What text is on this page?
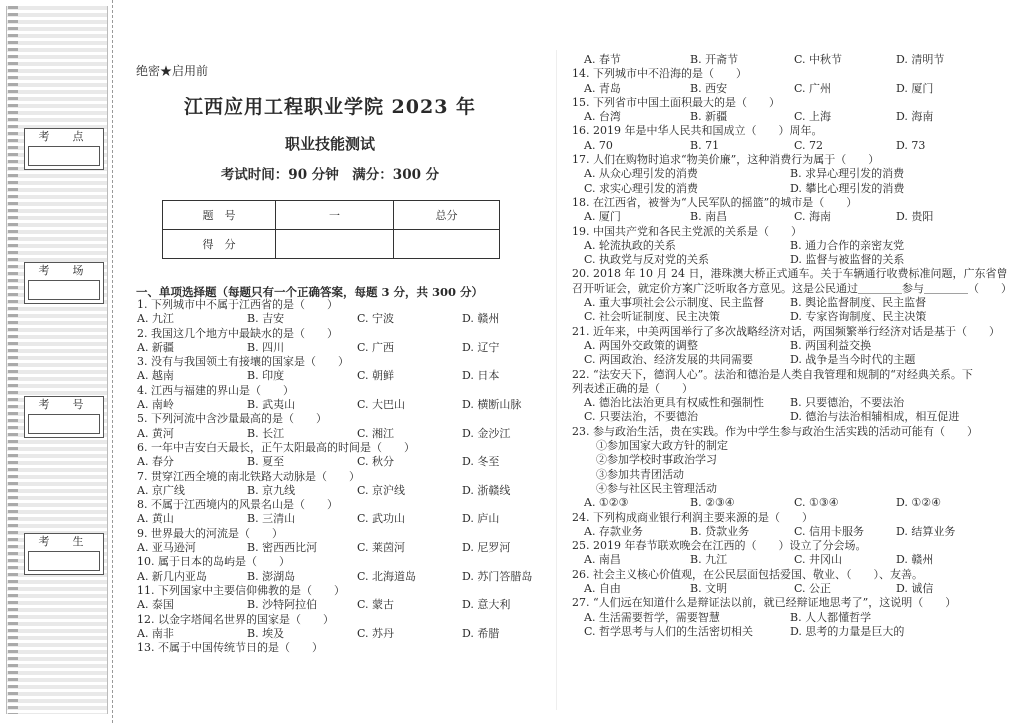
考　点
考　场
考　号
考　生
绝密★启用前
江西应用工程职业学院 2023 年
职业技能测试
考试时间：90 分钟　满分：300 分
题　号	一	总分
得　分		
一、单项选择题（每题只有一个正确答案，每题 3 分，共 300 分）
1. 下列城市中不属于江西省的是（　　）
A. 九江	B. 吉安	C. 宁波	D. 赣州
2. 我国这几个地方中最缺水的是（　　）
A. 新疆	B. 四川	C. 广西	D. 辽宁
3. 没有与我国领土有接壤的国家是（　　）
A. 越南	B. 印度	C. 朝鲜	D. 日本
4. 江西与福建的界山是（　　）
A. 南岭	B. 武夷山	C. 大巴山	D. 横断山脉
5. 下列河流中含沙量最高的是（　　）
A. 黄河	B. 长江	C. 湘江	D. 金沙江
6. 一年中吉安白天最长，正午太阳最高的时间是（　　）
A. 春分	B. 夏至	C. 秋分	D. 冬至
7. 贯穿江西全境的南北铁路大动脉是（　　）
A. 京广线	B. 京九线	C. 京沪线	D. 浙赣线
8. 不属于江西境内的风景名山是（　　）
A. 黄山	B. 三清山	C. 武功山	D. 庐山
9. 世界最大的河流是（　　）
A. 亚马逊河	B. 密西西比河	C. 莱茵河	D. 尼罗河
10. 属于日本的岛屿是（　　）
A. 新几内亚岛	B. 澎湖岛	C. 北海道岛	D. 苏门答腊岛
11. 下列国家中主要信仰佛教的是（　　）
A. 泰国	B. 沙特阿拉伯	C. 蒙古	D. 意大利
12. 以金字塔闻名世界的国家是（　　）
A. 南非	B. 埃及	C. 苏丹	D. 希腊
13. 不属于中国传统节日的是（　　）
A. 春节	B. 开斋节	C. 中秋节	D. 清明节
14. 下列城市中不沿海的是（　　）
A. 青岛	B. 西安	C. 广州	D. 厦门
15. 下列省市中国土面积最大的是（　　）
A. 台湾	B. 新疆	C. 上海	D. 海南
16. 2019 年是中华人民共和国成立（　　）周年。
A. 70	B. 71	C. 72	D. 73
17. 人们在购物时追求“物美价廉”，这种消费行为属于（　　）
A. 从众心理引发的消费	B. 求异心理引发的消费
C. 求实心理引发的消费	D. 攀比心理引发的消费
18. 在江西省，被誉为“人民军队的摇篮”的城市是（　　）
A. 厦门	B. 南昌	C. 海南	D. 贵阳
19. 中国共产党和各民主党派的关系是（　　）
A. 轮流执政的关系	B. 通力合作的亲密友党
C. 执政党与反对党的关系	D. 监督与被监督的关系
20. 2018 年 10 月 24 日，港珠澳大桥正式通车。关于车辆通行收费标准问题，广东省曾
召开听证会，就定价方案广泛听取各方意见。这是公民通过＿＿＿＿参与＿＿＿＿（　　）
A. 重大事项社会公示制度、民主监督 B. 舆论监督制度、民主监督
C. 社会听证制度、民主决策	D. 专家咨询制度、民主决策
21. 近年来，中美两国举行了多次战略经济对话，两国频繁举行经济对话是基于（　　）
A. 两国外交政策的调整	B. 两国利益交换
C. 两国政治、经济发展的共同需要	D. 战争是当今时代的主题
22. “法安天下，德润人心”。法治和德治是人类自我管理和规制的“对经典关系。下
列表述正确的是（　　）
A. 德治比法治更具有权威性和强制性 B. 只要德治，不要法治
C. 只要法治，不要德治	D. 德治与法治相辅相成，相互促进
23. 参与政治生活，贵在实践。作为中学生参与政治生活实践的活动可能有（　　）
①参加国家大政方针的制定
②参加学校时事政治学习
③参加共青团活动
④参与社区民主管理活动
A. ①②③	B. ②③④	C. ①③④	D. ①②④
24. 下列构成商业银行利润主要来源的是（　　）
A. 存款业务	B. 贷款业务	C. 信用卡服务	D. 结算业务
25. 2019 年春节联欢晚会在江西的（　　）设立了分会场。
A. 南昌	B. 九江	C. 井冈山	D. 赣州
26. 社会主义核心价值观，在公民层面包括爱国、敬业、（　　）、友善。
A. 自由	B. 文明	C. 公正	D. 诚信
27. “人们远在知道什么是辩证法以前，就已经辩证地思考了”，这说明（　　）
A. 生活需要哲学，需要智慧	B. 人人都懂哲学
C. 哲学思考与人们的生活密切相关	D. 思考的力量是巨大的
